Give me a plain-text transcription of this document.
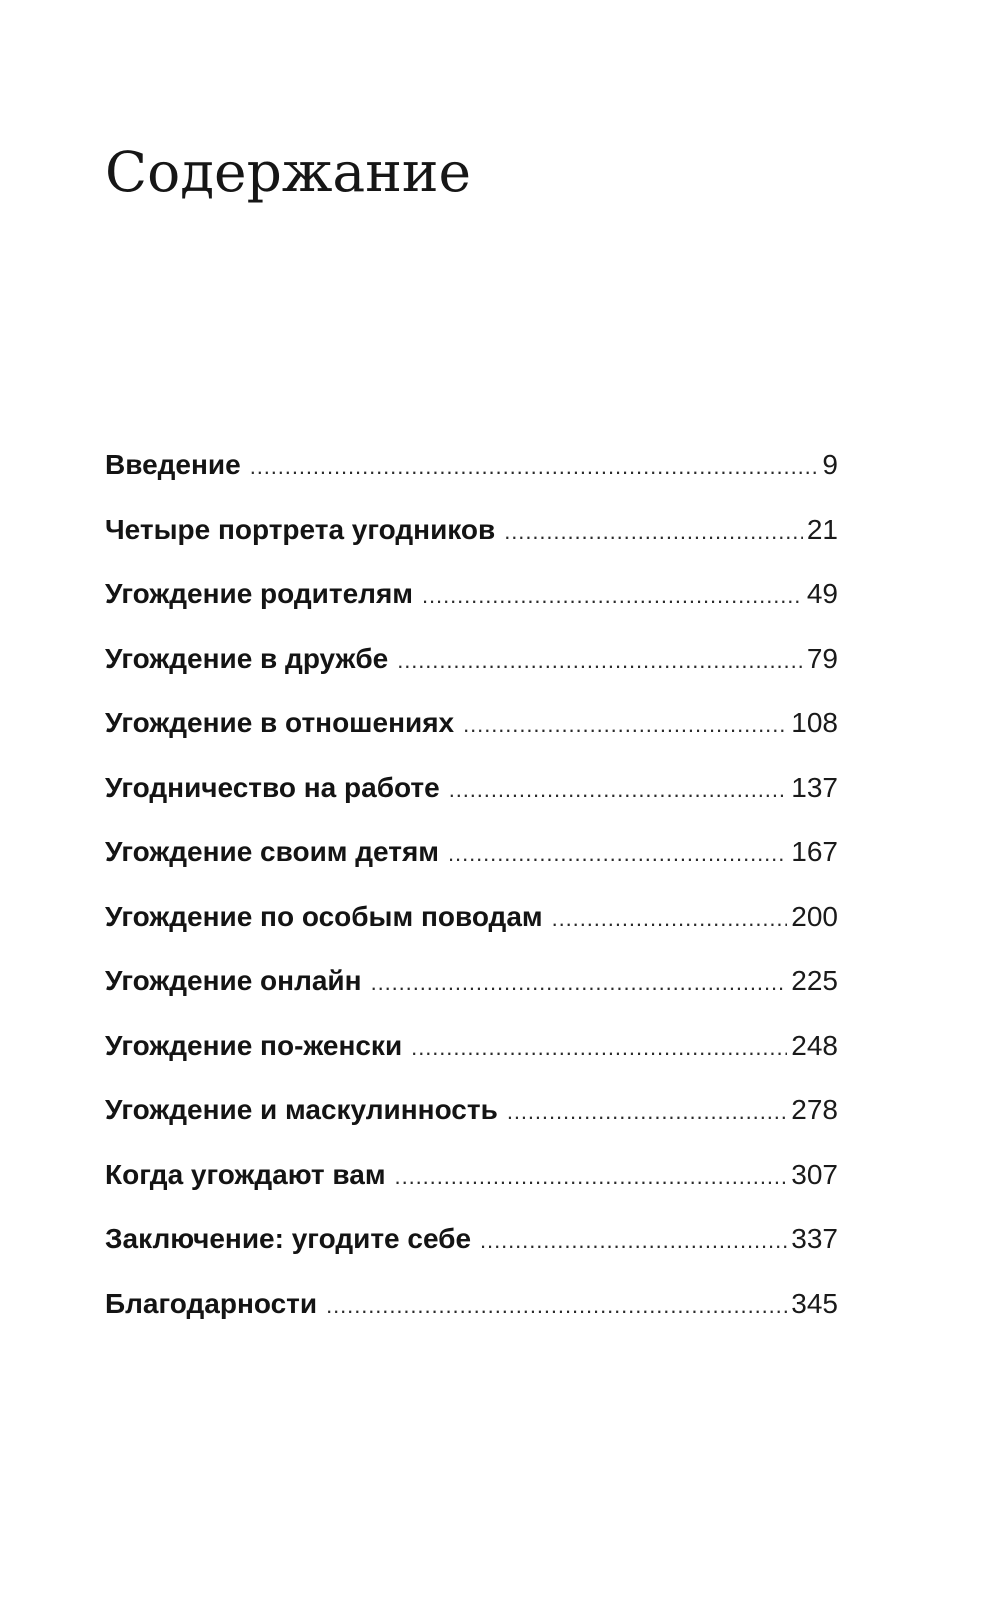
Содержание
Введение . . .	9
Четыре портрета угодников . . .	21
Угождение родителям . . .	49
Угождение в дружбе . . .	79
Угождение в отношениях . . .	108
Угодничество на работе . . .	137
Угождение своим детям . . .	167
Угождение по особым поводам . . .	200
Угождение онлайн . . .	225
Угождение по-женски . . .	248
Угождение и маскулинность . . .	278
Когда угождают вам . . .	307
Заключение: угодите себе . . .	337
Благодарности . . .	345
